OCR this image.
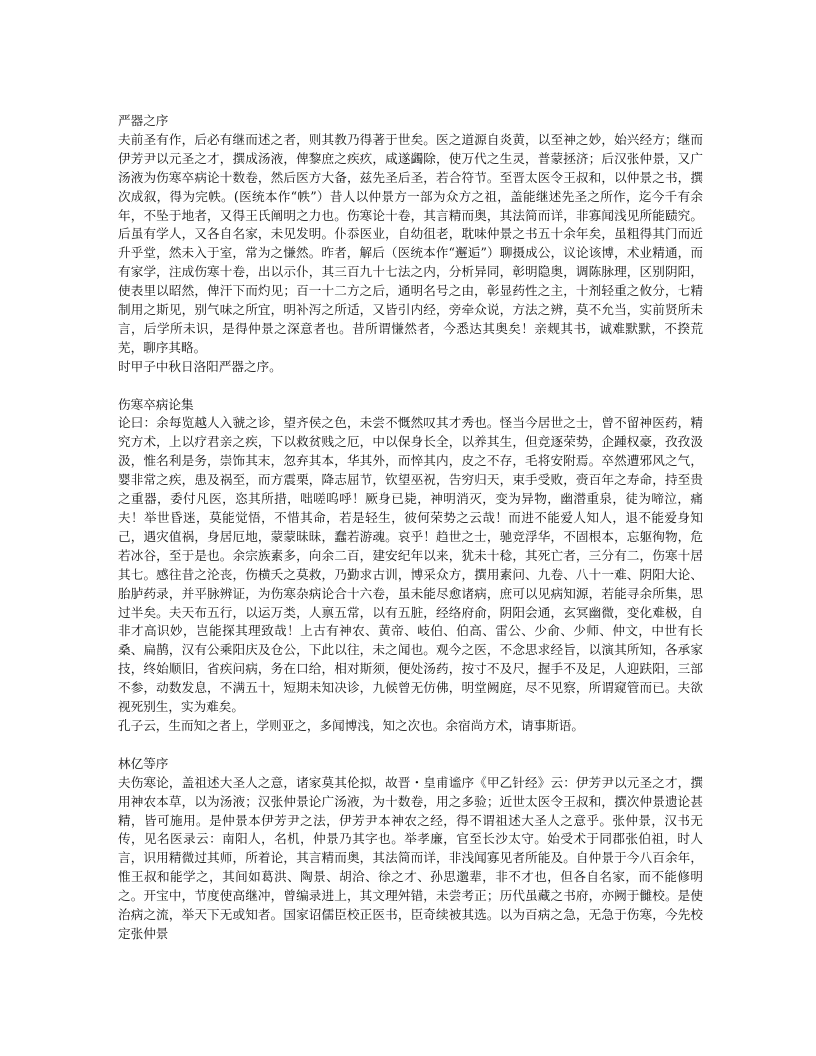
严器之序

夫前圣有作，后必有继而述之者，则其教乃得著于世矣。医之道源自炎黄，以至神之妙，始兴经方；继而伊芳尹以元圣之才，撰成汤液，俾黎庶之疾疚，咸遂蠲除，使万代之生灵，普蒙拯济；后汉张仲景，又广汤液为伤寒卒病论十数卷，然后医方大备，兹先圣后圣，若合符节。至晋太医令王叔和，以仲景之书，撰次成叙，得为完帙。(医统本作“帙”）昔人以仲景方一部为众方之祖，盖能继述先圣之所作，迄今千有余年，不坠于地者，又得王氏阐明之力也。伤寒论十卷，其言精而奥，其法简而详，非寡闻浅见所能赜究。后虽有学人，又各自名家，未见发明。仆忝医业，自幼徂老，耽味仲景之书五十余年矣，虽粗得其门而近升乎堂，然未入于室，常为之慊然。昨者，解后（医统本作“邂逅”）聊摄成公，议论该博，术业精通，而有家学，注成伤寒十卷，出以示仆，其三百九十七法之内，分析异同，彰明隐奥，调陈脉理，区别阴阳，使表里以昭然，俾汗下而灼见；百一十二方之后，通明名号之由，彰显药性之主，十剂轻重之攸分，七精制用之斯见，别气味之所宜，明补泻之所适，又皆引内经，旁牵众说，方法之辨，莫不允当，实前贤所未言，后学所未识，是得仲景之深意者也。昔所谓慊然者，今悉达其奥矣！亲觌其书，诚难默默，不揆荒芜，聊序其略。

时甲子中秋日洛阳严器之序。

伤寒卒病论集

论曰：余每览越人入虢之诊，望齐侯之色，未尝不慨然叹其才秀也。怪当今居世之士，曾不留神医药，精究方术，上以疗君亲之疾，下以救贫贱之厄，中以保身长全，以养其生，但竞逐荣势，企踵权豪，孜孜汲汲，惟名利是务，崇饰其末，忽弃其本，华其外，而悴其内，皮之不存，毛将安附焉。卒然遭邪风之气，婴非常之疾，患及祸至，而方震栗，降志屈节，钦望巫祝，告穷归天，束手受败，赍百年之寿命，持至贵之重器，委付凡医，恣其所措，咄嗟呜呼！厥身已毙，神明消灭，变为异物，幽潜重泉，徒为啼泣，痛夫！举世昏迷，莫能觉悟，不惜其命，若是轻生，彼何荣势之云哉！而进不能爱人知人，退不能爱身知己，遇灾值祸，身居厄地，蒙蒙昧昧，蠢若游魂。哀乎！趋世之士，驰竞浮华，不固根本，忘躯徇物，危若冰谷，至于是也。余宗族素多，向余二百，建安纪年以来，犹未十稔，其死亡者，三分有二，伤寒十居其七。感往昔之沦丧，伤横夭之莫救，乃勤求古训，博采众方，撰用素问、九卷、八十一难、阴阳大论、胎胪药录，并平脉辨证，为伤寒杂病论合十六卷，虽未能尽愈诸病，庶可以见病知源，若能寻余所集，思过半矣。夫天布五行，以运万类，人禀五常，以有五脏，经络府俞，阴阳会通，玄冥幽微，变化难极，自非才高识妙，岂能探其理致哉！上古有神农、黄帝、岐伯、伯高、雷公、少俞、少师、仲文，中世有长桑、扁鹊，汉有公乘阳庆及仓公，下此以往，未之闻也。观今之医，不念思求经旨，以演其所知，各承家技，终始顺旧，省疾问病，务在口给，相对斯须，便处汤药，按寸不及尺，握手不及足，人迎趺阳，三部不参，动数发息，不满五十，短期未知决诊，九候曾无仿佛，明堂阙庭，尽不见察，所谓窥管而已。夫欲视死别生，实为难矣。

孔子云，生而知之者上，学则亚之，多闻博浅，知之次也。余宿尚方术，请事斯语。

林亿等序

夫伤寒论，盖祖述大圣人之意，诸家莫其伦拟，故晋・皇甫谧序《甲乙针经》云：伊芳尹以元圣之才，撰用神农本草，以为汤液；汉张仲景论广汤液，为十数卷，用之多验；近世太医令王叔和，撰次仲景遗论甚精，皆可施用。是仲景本伊芳尹之法，伊芳尹本神农之经，得不谓祖述大圣人之意乎。张仲景，汉书无传，见名医录云：南阳人，名机，仲景乃其字也。举孝廉，官至长沙太守。始受术于同郡张伯祖，时人言，识用精微过其师，所着论，其言精而奥，其法简而详，非浅闻寡见者所能及。自仲景于今八百余年，惟王叔和能学之，其间如葛洪、陶景、胡洽、徐之才、孙思邈辈，非不才也，但各自名家，而不能修明之。开宝中，节度使高继冲，曾编录进上，其文理舛错，未尝考正；历代虽藏之书府，亦阙于雠校。是使治病之流，举天下无或知者。国家诏儒臣校正医书，臣奇续被其选。以为百病之急，无急于伤寒，今先校定张仲景
